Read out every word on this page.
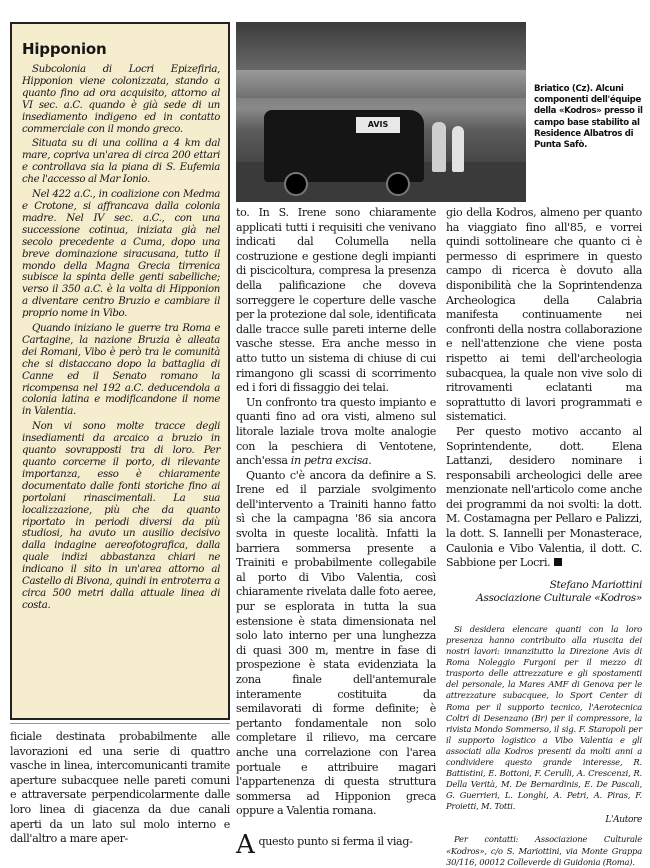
Hipponion

Subcolonia di Locri Epizefiria, Hipponion viene colonizzata, stando a quanto fino ad ora acquisito, attorno al VI sec. a.C. quando è già sede di un insediamento indigeno ed in contatto commerciale con il mondo greco.

Situata su di una collina a 4 km dal mare, copriva un'area di circa 200 ettari e controllava sia la piana di S. Eufemia che l'accesso al Mar Ionio.

Nel 422 a.C., in coalizione con Medma e Crotone, si affrancava dalla colonia madre. Nel IV sec. a.C., con una successione cotinua, iniziata già nel secolo precedente a Cuma, dopo una breve dominazione siracusana, tutto il mondo della Magna Grecia tirrenica subisce la spinta delle genti sabelliche; verso il 350 a.C. è la volta di Hipponion a diventare centro Bruzio e cambiare il proprio nome in Vibo.

Quando iniziano le guerre tra Roma e Cartagine, la nazione Bruzia è alleata dei Romani, Vibo è però tra le comunità che si distaccano dopo la battaglia di Canne ed il Senato romano la ricompensa nel 192 a.C. deducendola a colonia latina e modificandone il nome in Valentia.

Non vi sono molte tracce degli insediamenti da arcaico a bruzio in quanto sovrapposti tra di loro. Per quanto corcerne il porto, di rilevante importanza, esso è chiaramente documentato dalle fonti storiche fino ai portolani rinascimentali. La sua localizzazione, più che da quanto riportato in periodi diversi da più studiosi, ha avuto un ausilio decisivo dalla indagine aereofotografica, dalla quale indizi abbastanza chiari ne indicano il sito in un'area attorno al Castello di Bivona, quindi in entroterra a circa 500 metri dalla attuale linea di costa.

AVIS
Briatico (Cz). Alcuni componenti dell'équipe della «Kodros» presso il campo base stabilito al Residence Albatros di Punta Safò.

ficiale destinata probabilmente alle lavorazioni ed una serie di quattro vasche in linea, intercomunicanti tramite aperture subacquee nelle pareti comuni e attraversate perpendicolarmente dalle loro linea di giacenza da due canali aperti da un lato sul molo interno e dall'altro a mare aper-

to. In S. Irene sono chiaramente applicati tutti i requisiti che venivano indicati dal Columella nella costruzione e gestione degli impianti di piscicoltura, compresa la presenza della palificazione che doveva sorreggere le coperture delle vasche per la protezione dal sole, identificata dalle tracce sulle pareti interne delle vasche stesse. Era anche messo in atto tutto un sistema di chiuse di cui rimangono gli scassi di scorrimento ed i fori di fissaggio dei telai.

Un confronto tra questo impianto e quanti fino ad ora visti, almeno sul litorale laziale trova molte analogie con la peschiera di Ventotene, anch'essa in petra excisa.

Quanto c'è ancora da definire a S. Irene ed il parziale svolgimento dell'intervento a Trainiti hanno fatto sì che la campagna '86 sia ancora svolta in queste località. Infatti la barriera sommersa presente a Trainiti e probabilmente collegabile al porto di Vibo Valentia, così chiaramente rivelata dalle foto aeree, pur se esplorata in tutta la sua estensione è stata dimensionata nel solo lato interno per una lunghezza di quasi 300 m, mentre in fase di prospezione è stata evidenziata la zona finale dell'antemurale interamente costituita da semilavorati di forme definite; è pertanto fondamentale non solo completare il rilievo, ma cercare anche una correlazione con l'area portuale e attribuire magari l'appartenenza di questa struttura sommersa ad Hipponion greca oppure a Valentia romana.

A questo punto si ferma il viag-

gio della Kodros, almeno per quanto ha viaggiato fino all'85, e vorrei quindi sottolineare che quanto ci è permesso di esprimere in questo campo di ricerca è dovuto alla disponibilità che la Soprintendenza Archeologica della Calabria manifesta continuamente nei confronti della nostra collaborazione e nell'attenzione che viene posta rispetto ai temi dell'archeologia subacquea, la quale non vive solo di ritrovamenti eclatanti ma soprattutto di lavori programmati e sistematici.

Per questo motivo accanto al Soprintendente, dott. Elena Lattanzi, desidero nominare i responsabili archeologici delle aree menzionate nell'articolo come anche dei programmi da noi svolti: la dott. M. Costamagna per Pellaro e Palizzi, la dott. S. Iannelli per Monasterace, Caulonia e Vibo Valentia, il dott. C. Sabbione per Locri.

Stefano Mariottini
Associazione Culturale «Kodros»
Si desidera elencare quanti con la loro presenza hanno contribuito alla riuscita dei nostri lavori: innanzitutto la Direzione Avis di Roma Noleggio Furgoni per il mezzo di trasporto delle attrezzature e gli spostamenti del personale, la Mares AMF di Genova per le attrezzature subacquee, lo Sport Center di Roma per il supporto tecnico, l'Aerotecnica Coltri di Desenzano (Br) per il compressore, la rivista Mondo Sommerso, il sig. F. Staropoli per il supporto logistico a Vibo Valentia e gli associati alla Kodros presenti da molti anni a condividere questo grande interesse, R. Battistini, E. Bottoni, F. Cerulli, A. Crescenzi, R. Della Verità, M. De Bernardinis, E. De Pascali, G. Guerrieri, L. Longhi, A. Petri, A. Piras, F. Proietti, M. Totti.
L'Autore
Per contatti: Associazione Culturale «Kodros», c/o S. Mariottini, via Monte Grappa 30/116, 00012 Colleverde di Guidonia (Roma).
